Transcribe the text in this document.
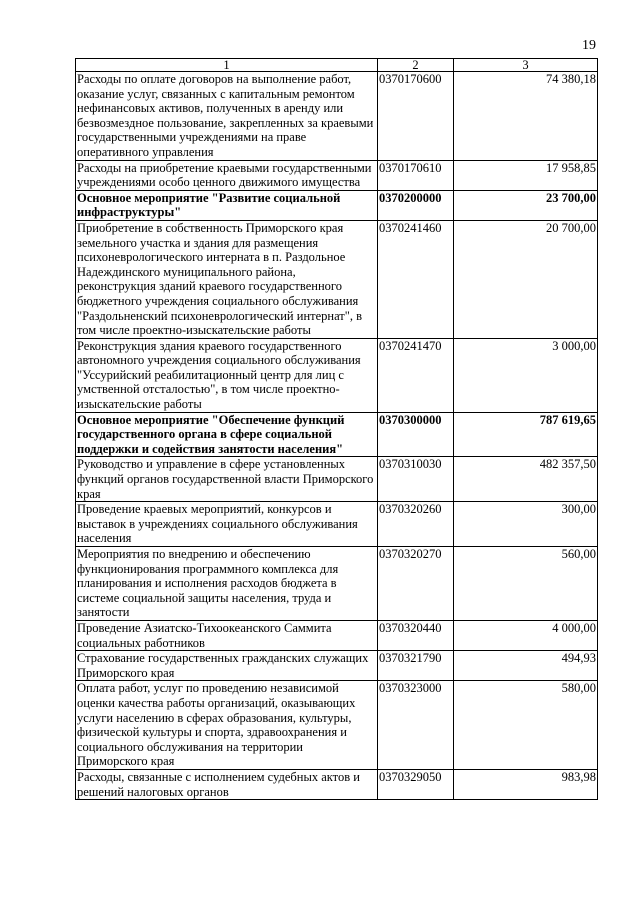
19
1	2	3
Расходы по оплате договоров на выполнение работ, оказание услуг, связанных с капитальным ремонтом нефинансовых активов, полученных в аренду или безвозмездное пользование, закрепленных за краевыми государственными учреждениями на праве оперативного управления	0370170600	74 380,18
Расходы на приобретение краевыми государственными учреждениями особо ценного движимого имущества	0370170610	17 958,85
Основное мероприятие "Развитие социальной инфраструктуры"	0370200000	23 700,00
Приобретение в собственность Приморского края земельного участка и здания для размещения психоневрологического интерната в п. Раздольное Надеждинского муниципального района, реконструкция зданий краевого государственного бюджетного учреждения социального обслуживания "Раздольненский психоневрологический интернат", в том числе проектно-изыскательские работы	0370241460	20 700,00
Реконструкция здания краевого государственного автономного учреждения социального обслуживания "Уссурийский реабилитационный центр для лиц с умственной отсталостью", в том числе проектно-изыскательские работы	0370241470	3 000,00
Основное мероприятие "Обеспечение функций государственного органа в сфере социальной поддержки и содействия занятости населения"	0370300000	787 619,65
Руководство и управление в сфере установленных функций органов государственной власти Приморского края	0370310030	482 357,50
Проведение краевых мероприятий, конкурсов и выставок в учреждениях социального обслуживания населения	0370320260	300,00
Мероприятия по внедрению и обеспечению функционирования программного комплекса для планирования и исполнения расходов бюджета в системе социальной защиты населения, труда и занятости	0370320270	560,00
Проведение Азиатско-Тихоокеанского Саммита социальных работников	0370320440	4 000,00
Страхование государственных гражданских служащих Приморского края	0370321790	494,93
Оплата работ, услуг по проведению независимой оценки качества работы организаций, оказывающих услуги населению в сферах образования, культуры, физической культуры и спорта, здравоохранения и социального обслуживания на территории Приморского края	0370323000	580,00
Расходы, связанные с исполнением судебных актов и решений налоговых органов	0370329050	983,98
